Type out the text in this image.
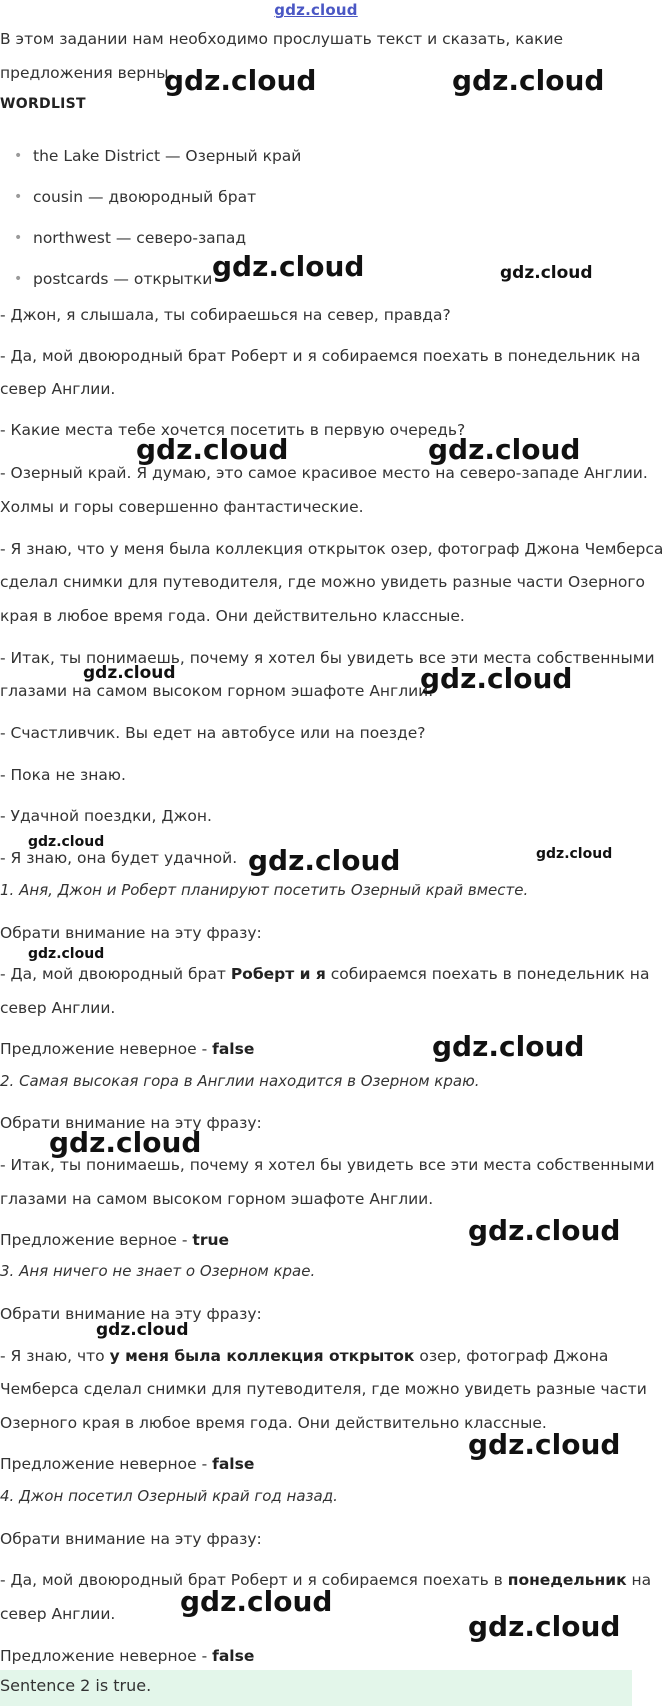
gdz.cloud
В этом задании нам необходимо прослушать текст и сказать, какие
предложения верны
WORDLIST
• the Lake District — Озерный край
• cousin — двоюродный брат
• northwest — северо-запад
• postcards — открытки
- Джон, я слышала, ты собираешься на север, правда?
- Да, мой двоюродный брат Роберт и я собираемся поехать в понедельник на
север Англии.
- Какие места тебе хочется посетить в первую очередь?
- Озерный край. Я думаю, это самое красивое место на северо-западе Англии.
Холмы и горы совершенно фантастические.
- Я знаю, что у меня была коллекция открыток озер, фотограф Джона Чемберса
сделал снимки для путеводителя, где можно увидеть разные части Озерного
края в любое время года. Они действительно классные.
- Итак, ты понимаешь, почему я хотел бы увидеть все эти места собственными
глазами на самом высоком горном эшафоте Англии.
- Счастливчик. Вы едет на автобусе или на поезде?
- Пока не знаю.
- Удачной поездки, Джон.
- Я знаю, она будет удачной.
1. Аня, Джон и Роберт планируют посетить Озерный край вместе.
Обрати внимание на эту фразу:
- Да, мой двоюродный брат Роберт и я собираемся поехать в понедельник на
север Англии.
Предложение неверное - false
2. Самая высокая гора в Англии находится в Озерном краю.
Обрати внимание на эту фразу:
- Итак, ты понимаешь, почему я хотел бы увидеть все эти места собственными
глазами на самом высоком горном эшафоте Англии.
Предложение верное - true
3. Аня ничего не знает о Озерном крае.
Обрати внимание на эту фразу:
- Я знаю, что у меня была коллекция открыток озер, фотограф Джона
Чемберса сделал снимки для путеводителя, где можно увидеть разные части
Озерного края в любое время года. Они действительно классные.
Предложение неверное - false
4. Джон посетил Озерный край год назад.
Обрати внимание на эту фразу:
- Да, мой двоюродный брат Роберт и я собираемся поехать в понедельник на
север Англии.
Предложение неверное - false
Sentence 2 is true.
gdz.cloud	gdz.cloud
gdz.cloud	gdz.cloud
gdz.cloud	gdz.cloud
gdz.cloud	gdz.cloud
gdz.cloud
gdz.cloud	gdz.cloud
gdz.cloud
gdz.cloud
gdz.cloud
gdz.cloud
gdz.cloud
gdz.cloud
gdz.cloud
gdz.cloud
